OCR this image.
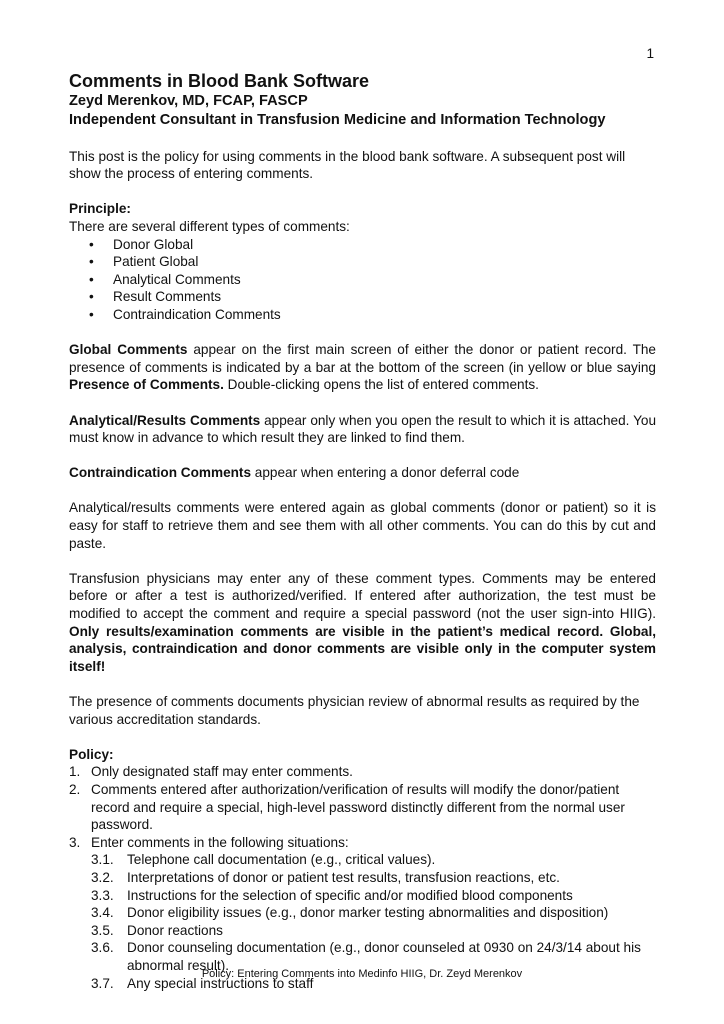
1
Comments in Blood Bank Software
Zeyd Merenkov, MD, FCAP, FASCP
Independent Consultant in Transfusion Medicine and Information Technology

This post is the policy for using comments in the blood bank software. A subsequent post will show the process of entering comments.

Principle:

There are several different types of comments:

• Donor Global
• Patient Global
• Analytical Comments
• Result Comments
• Contraindication Comments

Global Comments appear on the first main screen of either the donor or patient record. The presence of comments is indicated by a bar at the bottom of the screen (in yellow or blue saying Presence of Comments. Double-clicking opens the list of entered comments.

Analytical/Results Comments appear only when you open the result to which it is attached. You must know in advance to which result they are linked to find them.

Contraindication Comments appear when entering a donor deferral code

Analytical/results comments were entered again as global comments (donor or patient) so it is easy for staff to retrieve them and see them with all other comments. You can do this by cut and paste.

Transfusion physicians may enter any of these comment types. Comments may be entered before or after a test is authorized/verified. If entered after authorization, the test must be modified to accept the comment and require a special password (not the user sign-into HIIG). Only results/examination comments are visible in the patient’s medical record. Global, analysis, contraindication and donor comments are visible only in the computer system itself!

The presence of comments documents physician review of abnormal results as required by the various accreditation standards.

Policy:
1. Only designated staff may enter comments.
2. Comments entered after authorization/verification of results will modify the donor/patient record and require a special, high-level password distinctly different from the normal user password.
3. Enter comments in the following situations:
3.1. Telephone call documentation (e.g., critical values).
3.2. Interpretations of donor or patient test results, transfusion reactions, etc.
3.3. Instructions for the selection of specific and/or modified blood components
3.4. Donor eligibility issues (e.g., donor marker testing abnormalities and disposition)
3.5. Donor reactions
3.6. Donor counseling documentation (e.g., donor counseled at 0930 on 24/3/14 about his abnormal result).
3.7. Any special instructions to staff
Policy: Entering Comments into Medinfo HIIG, Dr. Zeyd Merenkov
